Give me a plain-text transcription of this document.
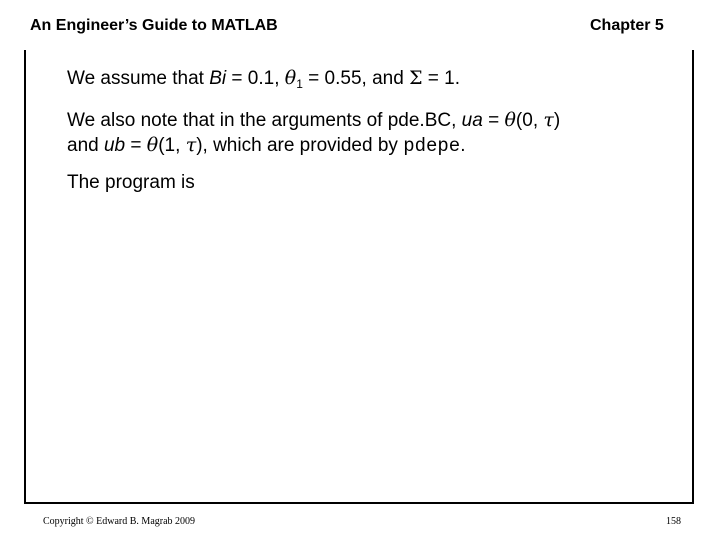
An Engineer’s Guide to MATLAB	Chapter 5
We assume that Bi = 0.1, $\theta_1 = 0.55$, and Σ = 1.
We also note that in the arguments of pde.BC, ua = θ(0, τ)
and ub = θ(1, τ), which are provided by pdepe.
The program is
Copyright © Edward B. Magrab 2009	158
